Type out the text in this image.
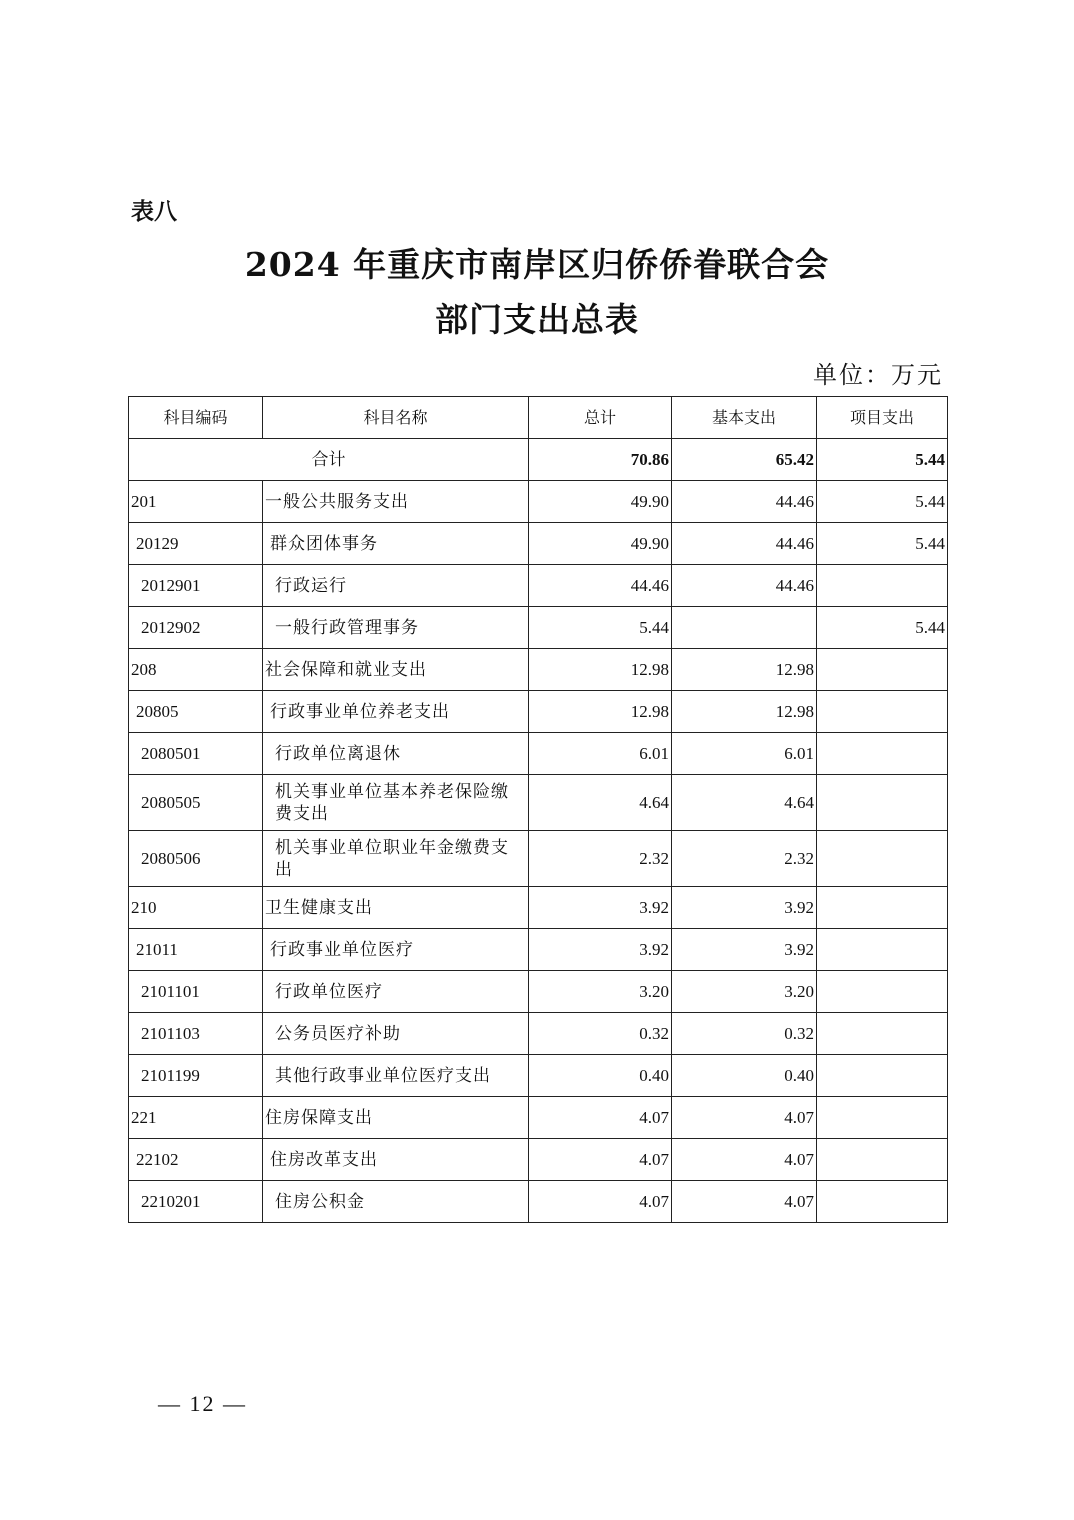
表八
2024 年重庆市南岸区归侨侨眷联合会
部门支出总表
单位：万元
科目编码	科目名称	总计	基本支出	项目支出
合计		70.86	65.42	5.44
201	一般公共服务支出	49.90	44.46	5.44
20129	群众团体事务	49.90	44.46	5.44
2012901	行政运行	44.46	44.46	
2012902	一般行政管理事务	5.44		5.44
208	社会保障和就业支出	12.98	12.98	
20805	行政事业单位养老支出	12.98	12.98	
2080501	行政单位离退休	6.01	6.01	
2080505	机关事业单位基本养老保险缴费支出	4.64	4.64	
2080506	机关事业单位职业年金缴费支出	2.32	2.32	
210	卫生健康支出	3.92	3.92	
21011	行政事业单位医疗	3.92	3.92	
2101101	行政单位医疗	3.20	3.20	
2101103	公务员医疗补助	0.32	0.32	
2101199	其他行政事业单位医疗支出	0.40	0.40	
221	住房保障支出	4.07	4.07	
22102	住房改革支出	4.07	4.07	
2210201	住房公积金	4.07	4.07	
— 12 —
